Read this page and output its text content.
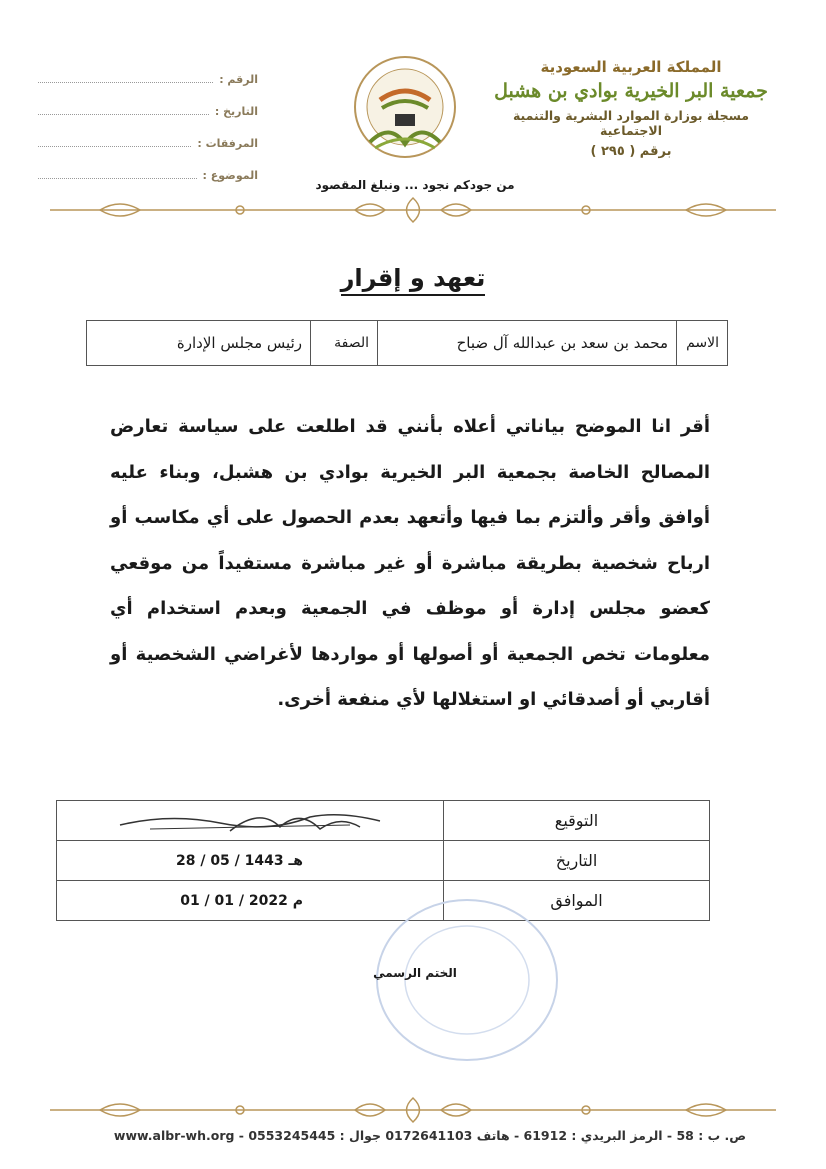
المملكة العربية السعودية
جمعية البر الخيرية بوادي بن هشبل
مسجلة بوزارة الموارد البشرية والتنمية الاجتماعية
برقم ( ٢٩٥ )
الرقم :
التاريخ :
المرفقات :
الموضوع :
من جودكم نجود ... ونبلغ المقصود
تعهد و إقرار
الاسم
محمد بن سعد بن عبدالله آل ضباح
الصفة
رئيس مجلس الإدارة
أقر انا الموضح بياناتي أعلاه بأنني قد اطلعت على سياسة تعارض المصالح الخاصة بجمعية البر الخيرية بوادي بن هشبل، وبناء عليه أوافق وأقر وألتزم بما فيها وأتعهد بعدم الحصول على أي مكاسب أو ارباح شخصية بطريقة مباشرة أو غير مباشرة مستفيداً من موقعي كعضو مجلس إدارة أو موظف في الجمعية وبعدم استخدام أي معلومات تخص الجمعية أو أصولها أو مواردها لأغراضي الشخصية أو أقاربي أو أصدقائي او استغلالها لأي منفعة أخرى.
التوقيع
التاريخ
28 / 05 / 1443 هـ
الموافق
01 / 01 / 2022 م
الختم الرسمي
ص. ب : 58 - الرمز البريدي : 61912 - هاتف 0172641103 جوال : 0553245445 - www.albr-wh.org
